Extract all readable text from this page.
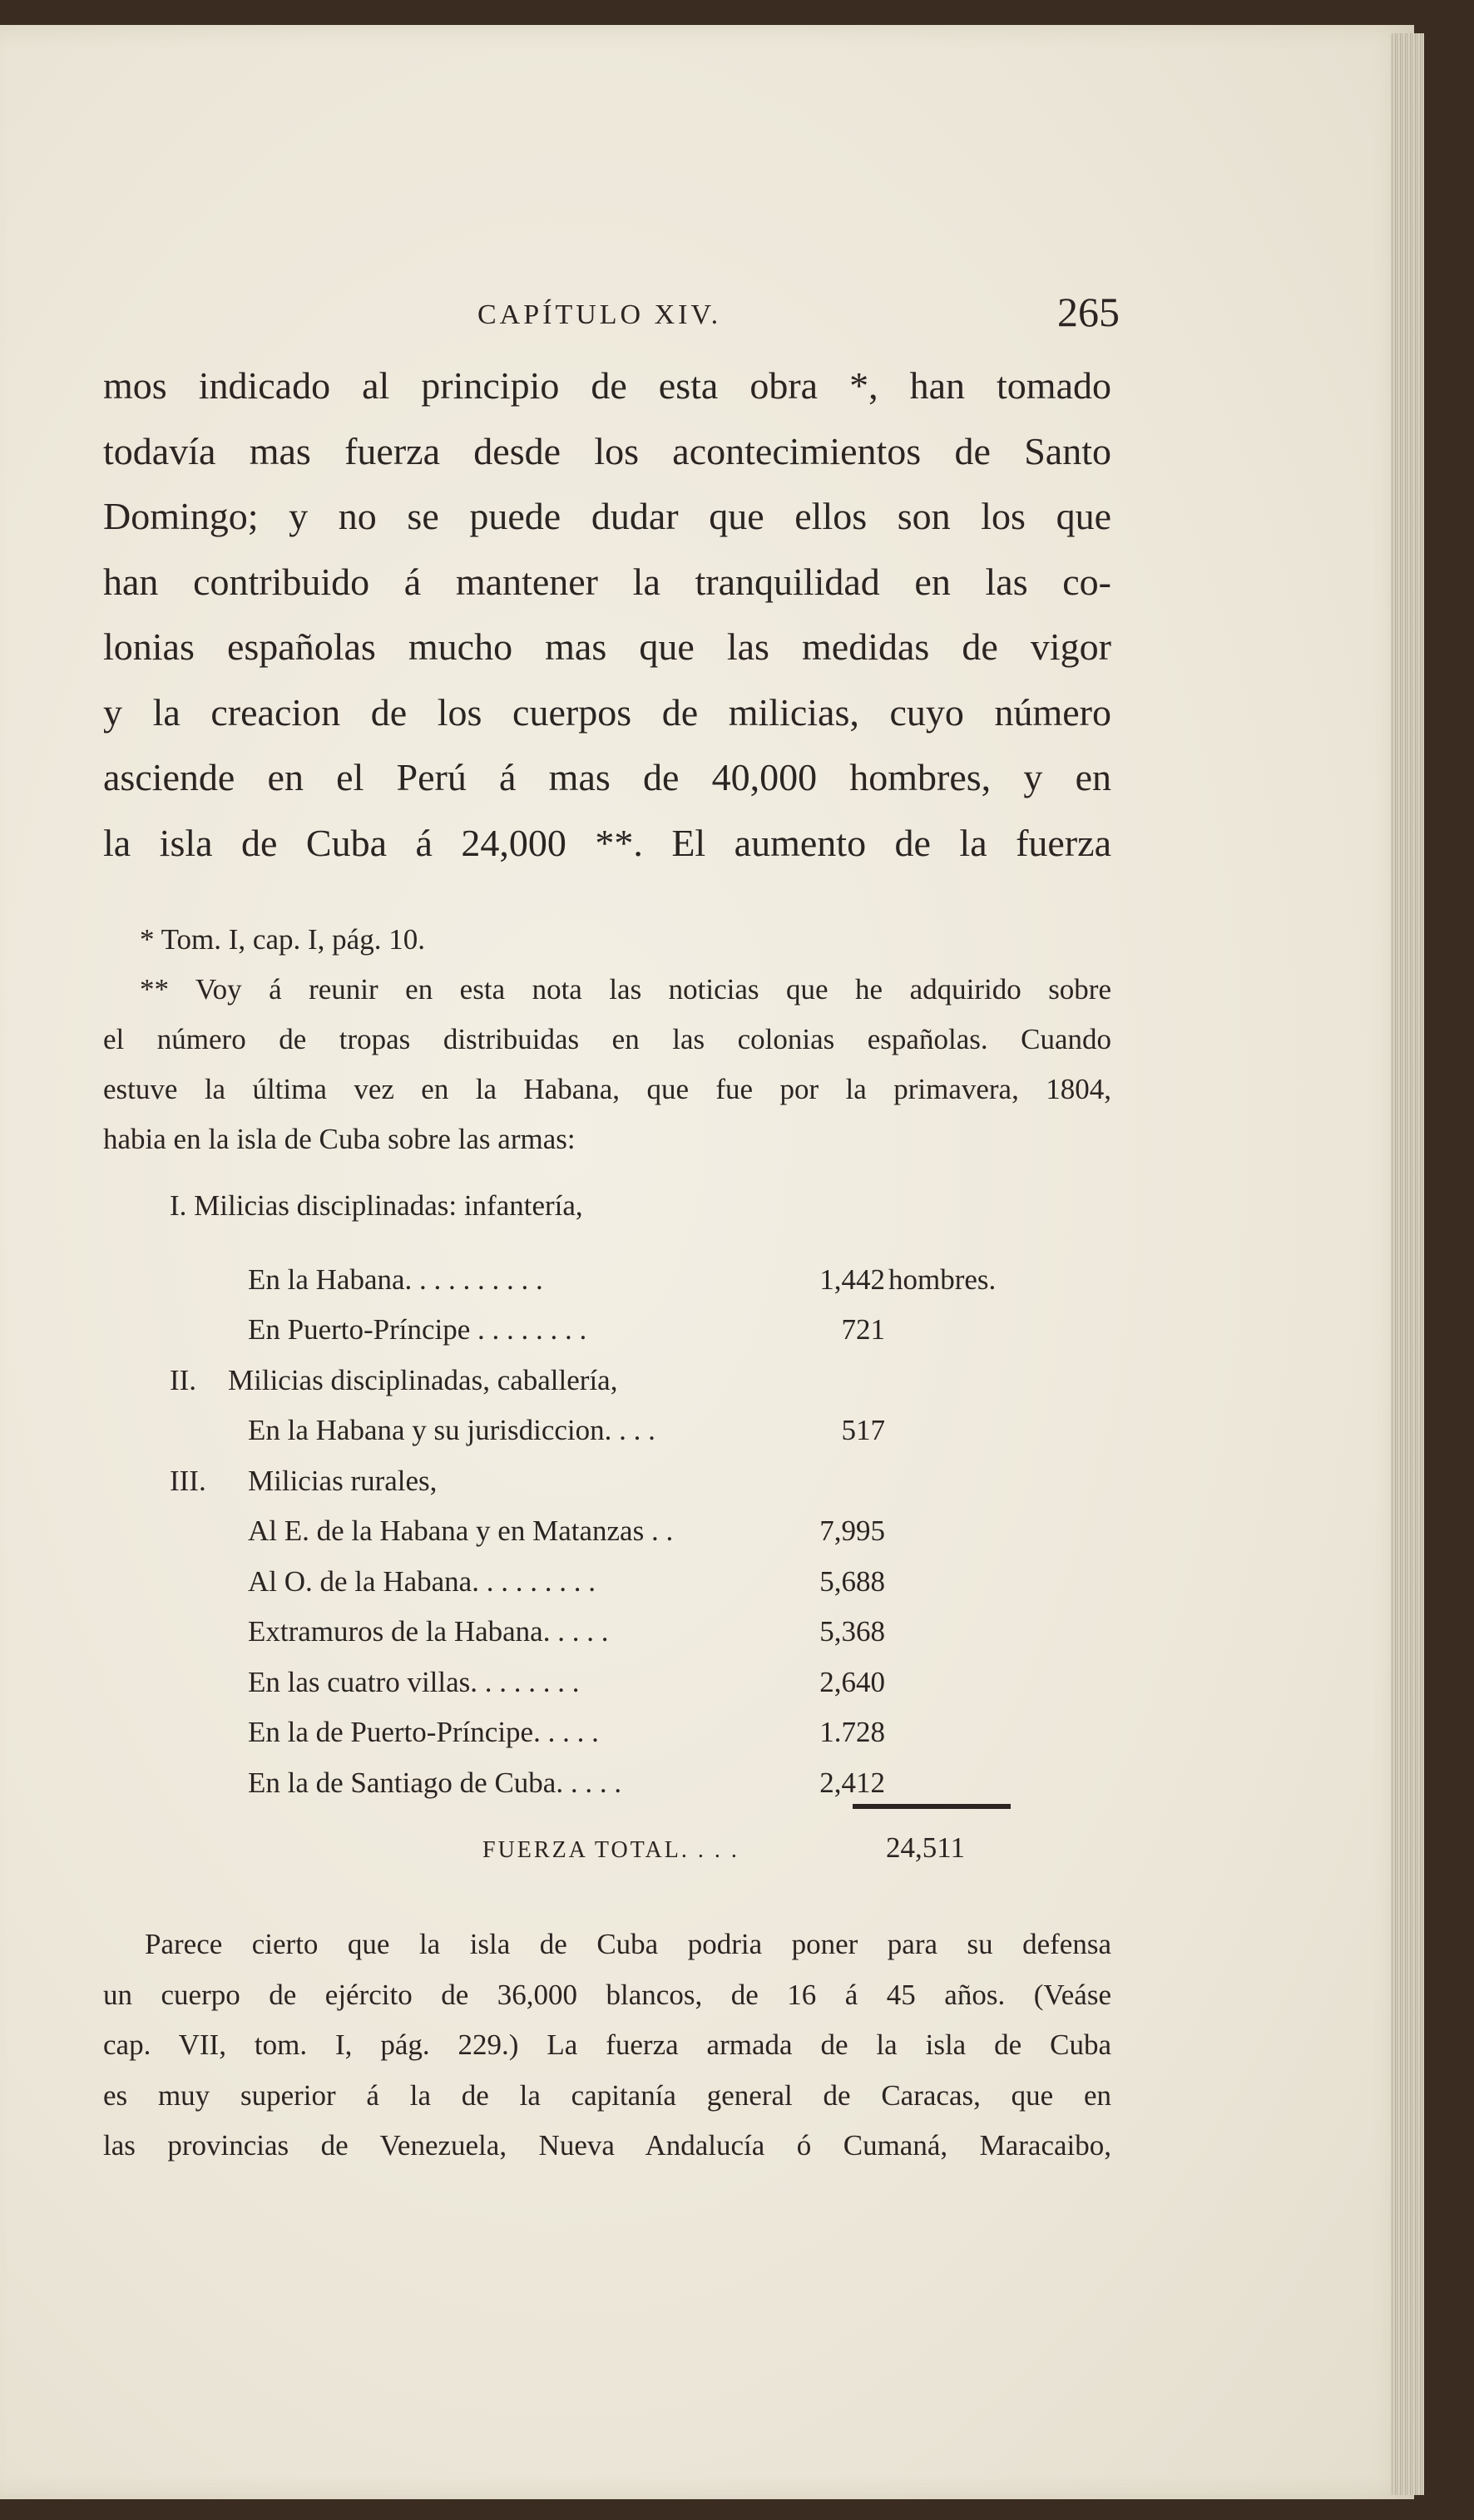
CAPÍTULO XIV.	265
mos indicado al principio de esta obra *, han tomado
todavía mas fuerza desde los acontecimientos de Santo
Domingo; y no se puede dudar que ellos son los que
han contribuido á mantener la tranquilidad en las co-
lonias españolas mucho mas que las medidas de vigor
y la creacion de los cuerpos de milicias, cuyo número
asciende en el Perú á mas de 40,000 hombres, y en
la isla de Cuba á 24,000 **. El aumento de la fuerza
* Tom. I, cap. I, pág. 10.
** Voy á reunir en esta nota las noticias que he adquirido sobre
el número de tropas distribuidas en las colonias españolas. Cuando
estuve la última vez en la Habana, que fue por la primavera, 1804,
habia en la isla de Cuba sobre las armas:
I. Milicias disciplinadas: infantería,
En la Habana. . . . . . . . . .	1,442 hombres.
En Puerto-Príncipe . . . . . . . .	721
II. Milicias disciplinadas, caballería,
En la Habana y su jurisdiccion. . . .	517
III. Milicias rurales,
Al E. de la Habana y en Matanzas . .	7,995
Al O. de la Habana. . . . . . . . .	5,688
Extramuros de la Habana. . . . .	5,368
En las cuatro villas. . . . . . . .	2,640
En la de Puerto-Príncipe. . . . .	1.728
En la de Santiago de Cuba. . . . .	2,412
FUERZA TOTAL. . . .	24,511
Parece cierto que la isla de Cuba podria poner para su defensa
un cuerpo de ejército de 36,000 blancos, de 16 á 45 años. (Veáse
cap. VII, tom. I, pág. 229.) La fuerza armada de la isla de Cuba
es muy superior á la de la capitanía general de Caracas, que en
las provincias de Venezuela, Nueva Andalucía ó Cumaná, Maracaibo,
